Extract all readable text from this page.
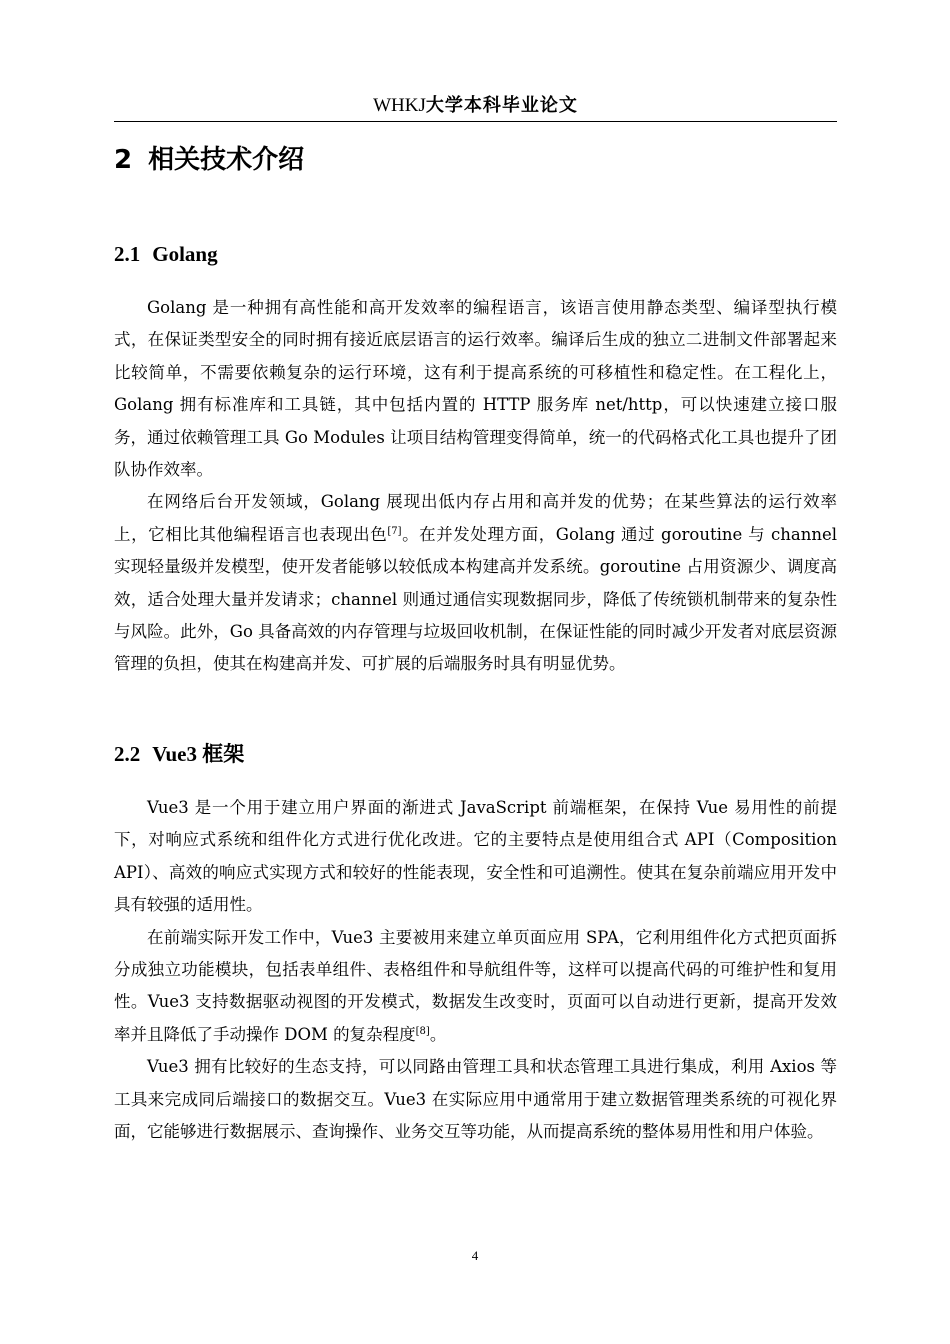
WHKJ大学本科毕业论文
2 相关技术介绍
2.1 Golang

Golang 是一种拥有高性能和高开发效率的编程语言，该语言使用静态类型、编译型执行模式，在保证类型安全的同时拥有接近底层语言的运行效率。编译后生成的独立二进制文件部署起来比较简单，不需要依赖复杂的运行环境，这有利于提高系统的可移植性和稳定性。在工程化上，Golang 拥有标准库和工具链，其中包括内置的 HTTP 服务库 net/http，可以快速建立接口服务，通过依赖管理工具 Go Modules 让项目结构管理变得简单，统一的代码格式化工具也提升了团队协作效率。

在网络后台开发领域，Golang 展现出低内存占用和高并发的优势；在某些算法的运行效率上，它相比其他编程语言也表现出色[7]。在并发处理方面，Golang 通过 goroutine 与 channel 实现轻量级并发模型，使开发者能够以较低成本构建高并发系统。goroutine 占用资源少、调度高效，适合处理大量并发请求；channel 则通过通信实现数据同步，降低了传统锁机制带来的复杂性与风险。此外，Go 具备高效的内存管理与垃圾回收机制，在保证性能的同时减少开发者对底层资源管理的负担，使其在构建高并发、可扩展的后端服务时具有明显优势。

2.2 Vue3 框架

Vue3 是一个用于建立用户界面的渐进式 JavaScript 前端框架，在保持 Vue 易用性的前提下，对响应式系统和组件化方式进行优化改进。它的主要特点是使用组合式 API（Composition API）、高效的响应式实现方式和较好的性能表现，安全性和可追溯性。使其在复杂前端应用开发中具有较强的适用性。

在前端实际开发工作中，Vue3 主要被用来建立单页面应用 SPA，它利用组件化方式把页面拆分成独立功能模块，包括表单组件、表格组件和导航组件等，这样可以提高代码的可维护性和复用性。Vue3 支持数据驱动视图的开发模式，数据发生改变时，页面可以自动进行更新，提高开发效率并且降低了手动操作 DOM 的复杂程度[8]。

Vue3 拥有比较好的生态支持，可以同路由管理工具和状态管理工具进行集成，利用 Axios 等工具来完成同后端接口的数据交互。Vue3 在实际应用中通常用于建立数据管理类系统的可视化界面，它能够进行数据展示、查询操作、业务交互等功能，从而提高系统的整体易用性和用户体验。

4
